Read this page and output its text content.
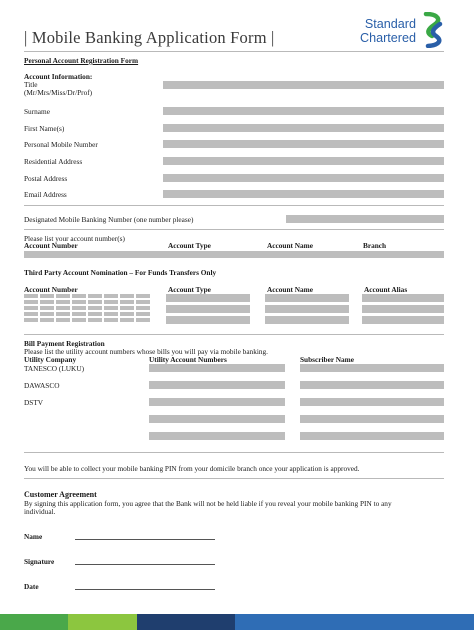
| Mobile Banking Application Form |
Standard
Chartered
Personal Account Registration Form
Account Information:
Title
(Mr/Mrs/Miss/Dr/Prof)
Surname
First Name(s)
Personal Mobile Number
Residential Address
Postal Address
Email Address
Designated Mobile Banking Number (one number please)
Please list your account number(s)
Account Number	Account Type	Account Name	Branch
Third Party Account Nomination – For Funds Transfers Only
Account Number	Account Type	Account Name	Account Alias
Bill Payment Registration
Please list the utility account numbers whose bills you will pay via mobile banking.
Utility Company	Utility Account Numbers	Subscriber Name
TANESCO (LUKU)
DAWASCO
DSTV
You will be able to collect your mobile banking PIN from your domicile branch once your application is approved.
Customer Agreement
By signing this application form, you agree that the Bank will not be held liable if you reveal your mobile banking PIN to any
individual.
Name
Signature
Date
